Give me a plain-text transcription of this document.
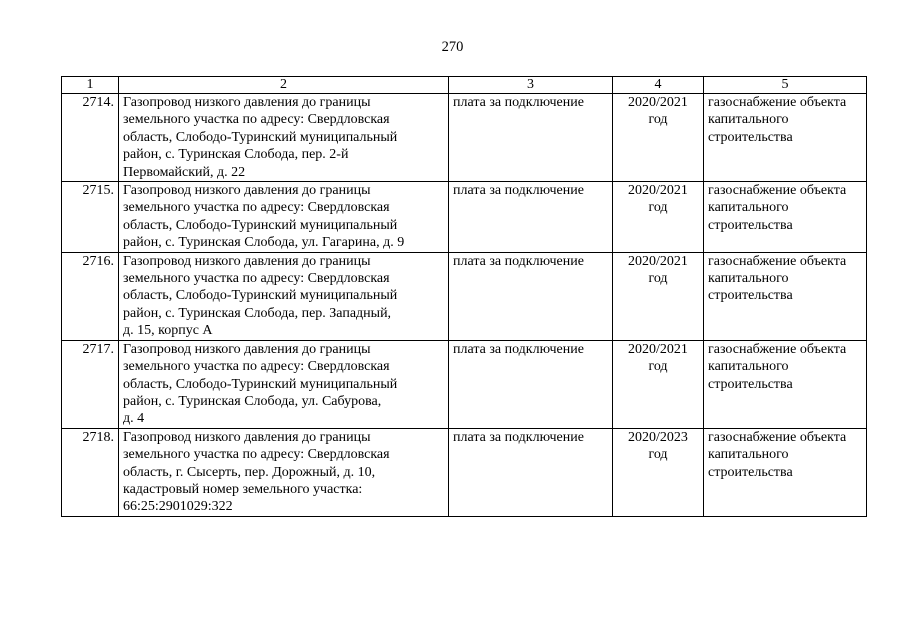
270
1	2	3	4	5
2714.	Газопровод низкого давления до границы
земельного участка по адресу: Свердловская
область, Слободо-Туринский муниципальный
район, с. Туринская Слобода, пер. 2-й
Первомайский, д. 22	плата за подключение	2020/2021
год	газоснабжение объекта
капитального
строительства

2715.	Газопровод низкого давления до границы
земельного участка по адресу: Свердловская
область, Слободо-Туринский муниципальный
район, с. Туринская Слобода, ул. Гагарина, д. 9	плата за подключение	2020/2021
год	газоснабжение объекта
капитального
строительства

2716.	Газопровод низкого давления до границы
земельного участка по адресу: Свердловская
область, Слободо-Туринский муниципальный
район, с. Туринская Слобода, пер. Западный,
д. 15, корпус А	плата за подключение	2020/2021
год	газоснабжение объекта
капитального
строительства

2717.	Газопровод низкого давления до границы
земельного участка по адресу: Свердловская
область, Слободо-Туринский муниципальный
район, с. Туринская Слобода, ул. Сабурова,
д. 4	плата за подключение	2020/2021
год	газоснабжение объекта
капитального
строительства

2718.	Газопровод низкого давления до границы
земельного участка по адресу: Свердловская
область, г. Сысерть, пер. Дорожный, д. 10,
кадастровый номер земельного участка:
66:25:2901029:322	плата за подключение	2020/2023
год	газоснабжение объекта
капитального
строительства
